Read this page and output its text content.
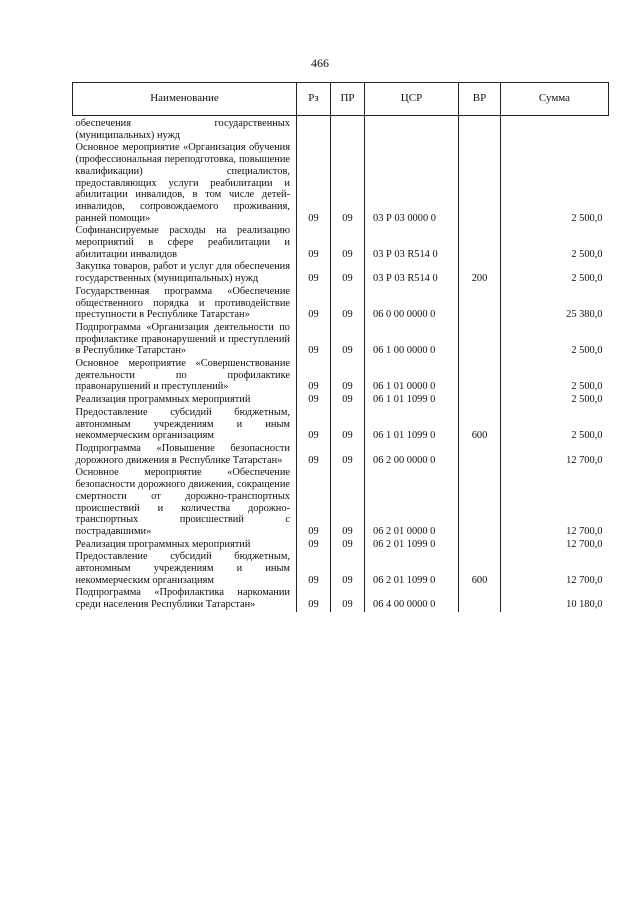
466
Наименование	Рз	ПР	ЦСР	ВР	Сумма
обеспечения государственных (муниципальных) нужд					
Основное мероприятие «Организация обучения (профессиональная переподготовка, повышение квалификации) специалистов, предоставляющих услуги реабилитации и абилитации инвалидов, в том числе детей-инвалидов, сопровождаемого проживания, ранней помощи»	09	09	03 Р 03 0000 0		2 500,0
Софинансируемые расходы на реализацию мероприятий в сфере реабилитации и абилитации инвалидов	09	09	03 Р 03 R514 0		2 500,0
Закупка товаров, работ и услуг для обеспечения государственных (муниципальных) нужд	09	09	03 Р 03 R514 0	200	2 500,0
Государственная программа «Обеспечение общественного порядка и противодействие преступности в Республике Татарстан»	09	09	06 0 00 0000 0		25 380,0
Подпрограмма «Организация деятельности по профилактике правонарушений и преступлений в Республике Татарстан»	09	09	06 1 00 0000 0		2 500,0
Основное мероприятие «Совершенствование деятельности по профилактике правонарушений и преступлений»	09	09	06 1 01 0000 0		2 500,0
Реализация программных мероприятий	09	09	06 1 01 1099 0		2 500,0
Предоставление субсидий бюджетным, автономным учреждениям и иным некоммерческим организациям	09	09	06 1 01 1099 0	600	2 500,0
Подпрограмма «Повышение безопасности дорожного движения в Республике Татарстан»	09	09	06 2 00 0000 0		12 700,0
Основное мероприятие «Обеспечение безопасности дорожного движения, сокращение смертности от дорожно-транспортных происшествий и количества дорожно-транспортных происшествий с пострадавшими»	09	09	06 2 01 0000 0		12 700,0
Реализация программных мероприятий	09	09	06 2 01 1099 0		12 700,0
Предоставление субсидий бюджетным, автономным учреждениям и иным некоммерческим организациям	09	09	06 2 01 1099 0	600	12 700,0
Подпрограмма «Профилактика наркомании среди населения Республики Татарстан»	09	09	06 4 00 0000 0		10 180,0
